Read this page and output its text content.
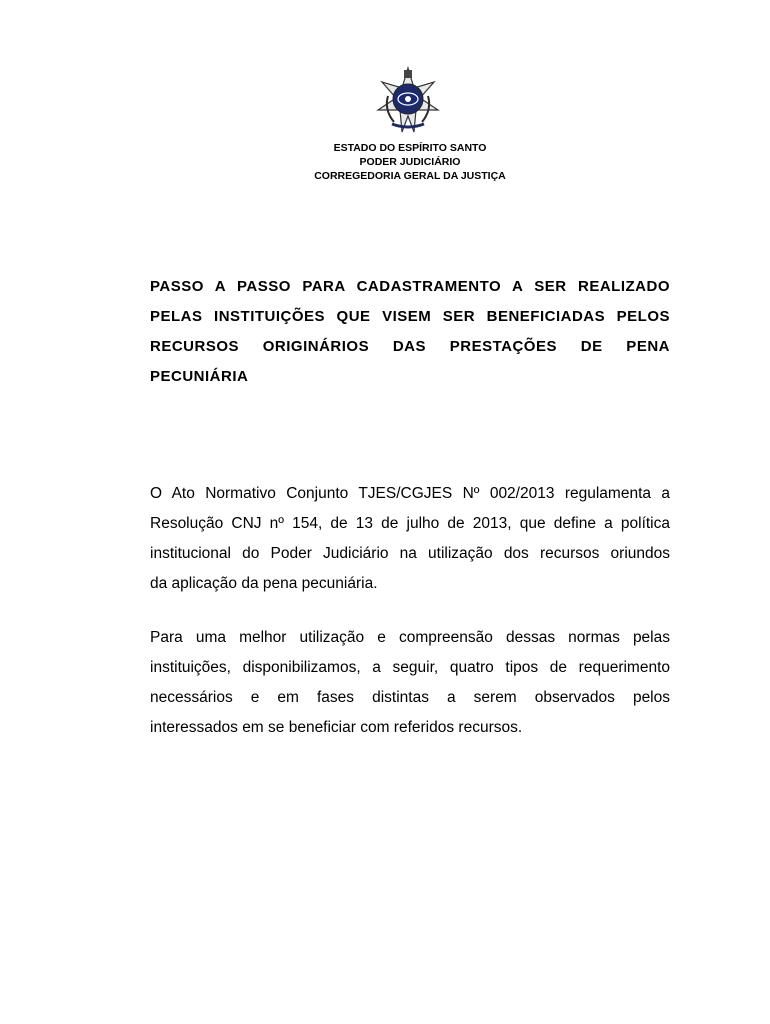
ESTADO DO ESPÍRITO SANTO
PODER JUDICIÁRIO
CORREGEDORIA GERAL DA JUSTIÇA
PASSO A PASSO PARA CADASTRAMENTO A SER REALIZADO
PELAS INSTITUIÇÕES QUE VISEM SER BENEFICIADAS PELOS
RECURSOS ORIGINÁRIOS DAS PRESTAÇÕES DE PENA
PECUNIÁRIA
O Ato Normativo Conjunto TJES/CGJES Nº 002/2013 regulamenta a
Resolução CNJ nº 154, de 13 de julho de 2013, que define a política
institucional do Poder Judiciário na utilização dos recursos oriundos
da aplicação da pena pecuniária.
Para uma melhor utilização e compreensão dessas normas pelas
instituições, disponibilizamos, a seguir, quatro tipos de requerimento
necessários e em fases distintas a serem observados pelos
interessados em se beneficiar com referidos recursos.
